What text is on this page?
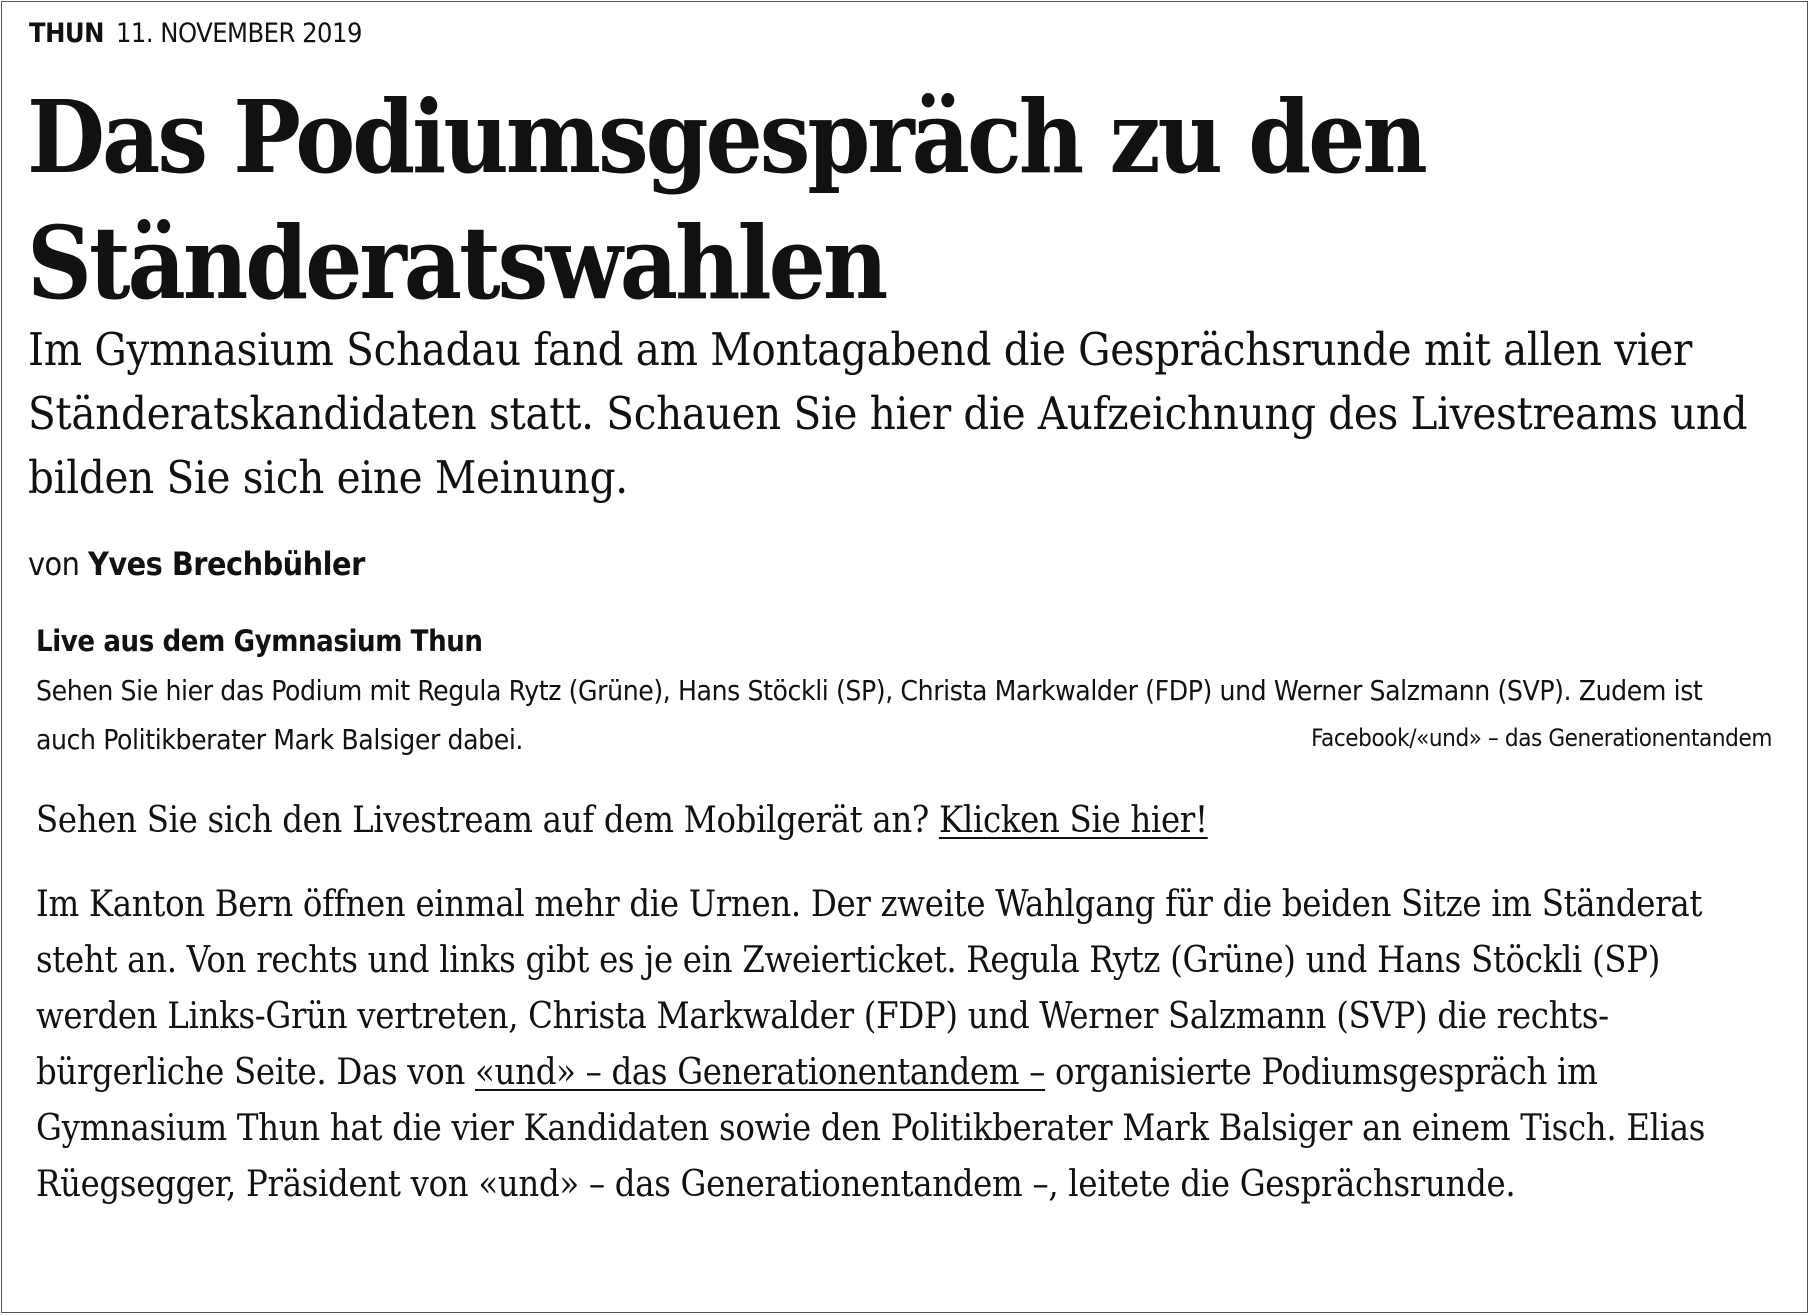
THUN 11. NOVEMBER 2019
Das Podiumsgespräch zu den Ständeratswahlen

Im Gymnasium Schadau fand am Montagabend die Gesprächsrunde mit allen vier Ständeratskandidaten statt. Schauen Sie hier die Aufzeichnung des Livestreams und bilden Sie sich eine Meinung.

von Yves Brechbühler
Live aus dem Gymnasium Thun

Sehen Sie hier das Podium mit Regula Rytz (Grüne), Hans Stöckli (SP), Christa Markwalder (FDP) und Werner Salzmann (SVP). Zudem ist auch Politikberater Mark Balsiger dabei.	Facebook/«und» – das Generationentandem

Sehen Sie sich den Livestream auf dem Mobilgerät an? Klicken Sie hier!

Im Kanton Bern öffnen einmal mehr die Urnen. Der zweite Wahlgang für die beiden Sitze im Ständerat steht an. Von rechts und links gibt es je ein Zweierticket. Regula Rytz (Grüne) und Hans Stöckli (SP) werden Links-Grün vertreten, Christa Markwalder (FDP) und Werner Salzmann (SVP) die rechts-bürgerliche Seite. Das von «und» – das Generationentandem – organisierte Podiumsgespräch im Gymnasium Thun hat die vier Kandidaten sowie den Politikberater Mark Balsiger an einem Tisch. Elias Rüegsegger, Präsident von «und» – das Generationentandem –, leitete die Gesprächsrunde.
